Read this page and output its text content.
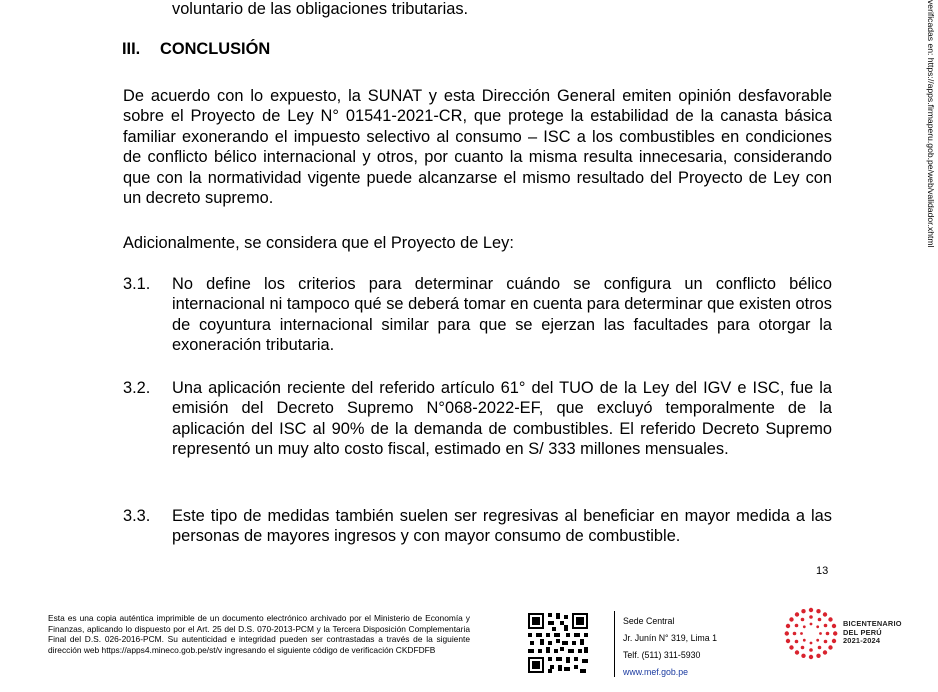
voluntario de las obligaciones tributarias.

III. CONCLUSIÓN

De acuerdo con lo expuesto, la SUNAT y esta Dirección General emiten opinión desfavorable sobre el Proyecto de Ley N° 01541-2021-CR, que protege la estabilidad de la canasta básica familiar exonerando el impuesto selectivo al consumo – ISC a los combustibles en condiciones de conflicto bélico internacional y otros, por cuanto la misma resulta innecesaria, considerando que con la normatividad vigente puede alcanzarse el mismo resultado del Proyecto de Ley con un decreto supremo.

Adicionalmente, se considera que el Proyecto de Ley:

3.1. No define los criterios para determinar cuándo se configura un conflicto bélico internacional ni tampoco qué se deberá tomar en cuenta para determinar que existen otros de coyuntura internacional similar para que se ejerzan las facultades para otorgar la exoneración tributaria.

3.2. Una aplicación reciente del referido artículo 61° del TUO de la Ley del IGV e ISC, fue la emisión del Decreto Supremo N°068-2022-EF, que excluyó temporalmente de la aplicación del ISC al 90% de la demanda de combustibles. El referido Decreto Supremo representó un muy alto costo fiscal, estimado en S/ 333 millones mensuales.

3.3. Este tipo de medidas también suelen ser regresivas al beneficiar en mayor medida a las personas de mayores ingresos y con mayor consumo de combustible.

13
verificadas en: https://apps.firmaperu.gob.pe/web/validador.xhtml

Esta es una copia auténtica imprimible de un documento electrónico archivado por el Ministerio de Economía y Finanzas, aplicando lo dispuesto por el Art. 25 del D.S. 070-2013-PCM y la Tercera Disposición Complementaria Final del D.S. 026-2016-PCM. Su autenticidad e integridad pueden ser contrastadas a través de la siguiente dirección web https://apps4.mineco.gob.pe/st/v ingresando el siguiente código de verificación CKDFDFB

Sede Central
Jr. Junín N° 319, Lima 1
Telf. (511) 311-5930
www.mef.gob.pe
BICENTENARIO
DEL PERÚ
2021-2024
